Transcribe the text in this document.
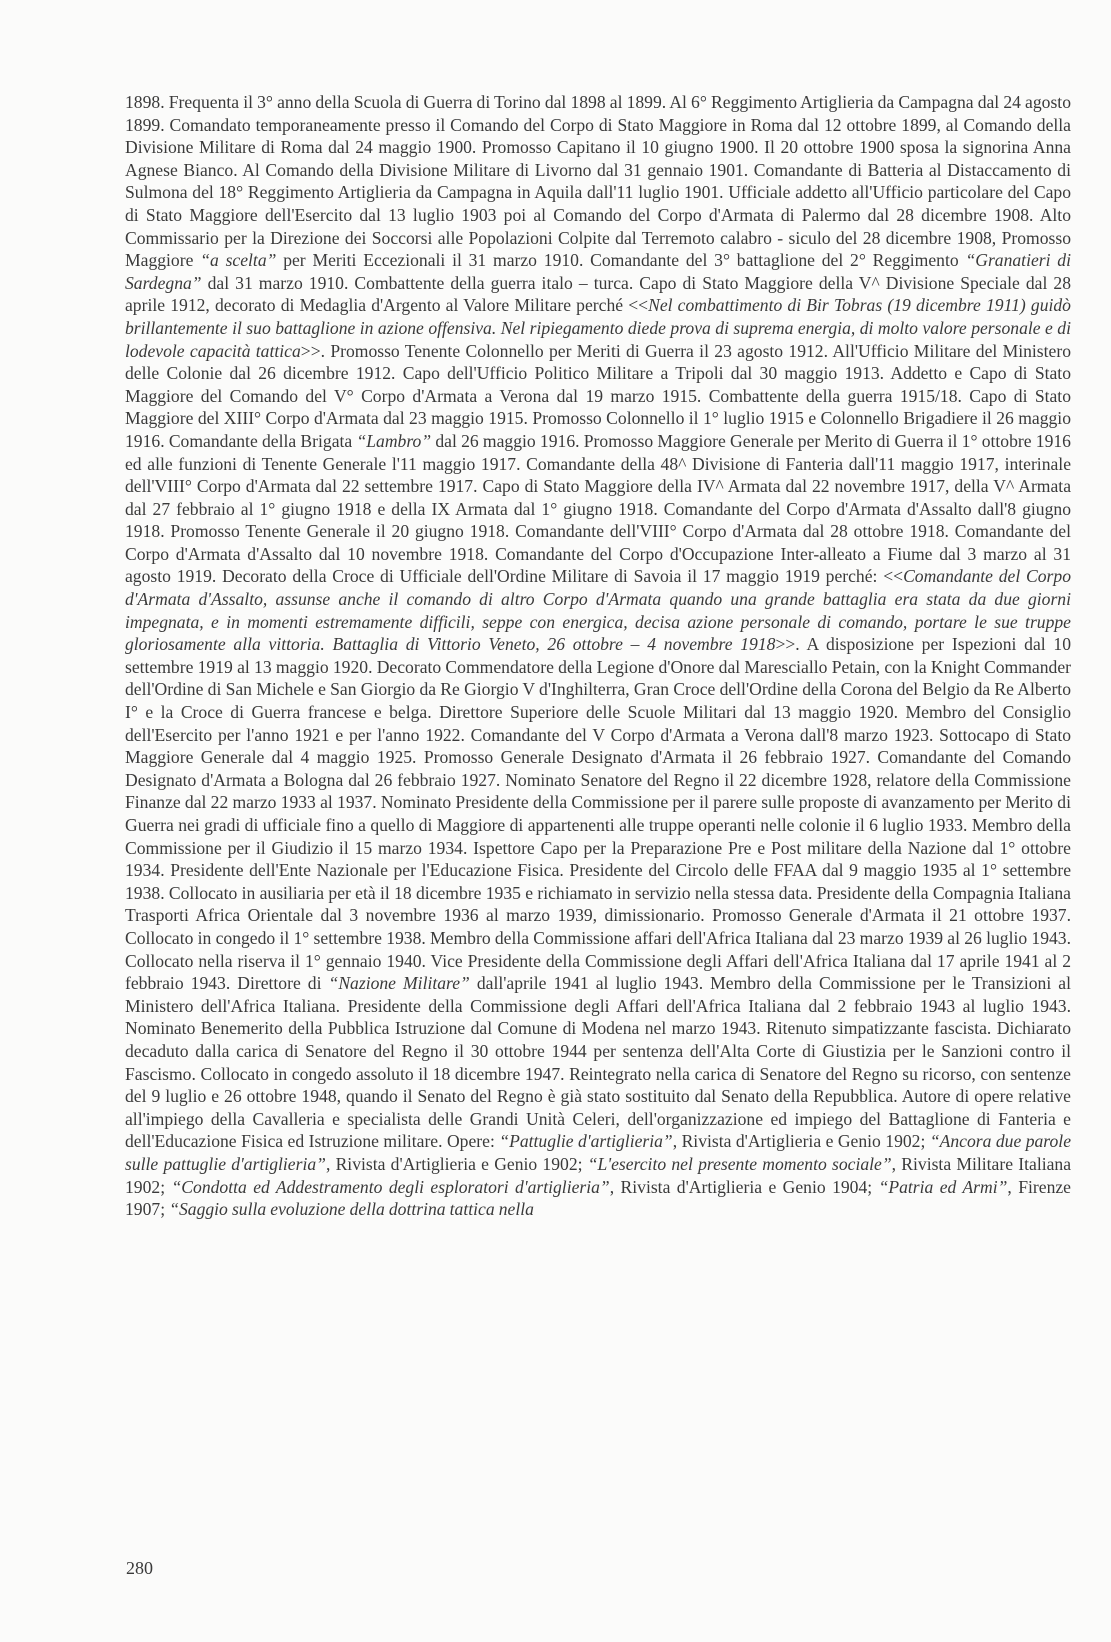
1898. Frequenta il 3° anno della Scuola di Guerra di Torino dal 1898 al 1899. Al 6° Reggimento Artiglieria da Campagna dal 24 agosto 1899. Comandato temporaneamente presso il Comando del Corpo di Stato Maggiore in Roma dal 12 ottobre 1899, al Comando della Divisione Militare di Roma dal 24 maggio 1900. Promosso Capitano il 10 giugno 1900. Il 20 ottobre 1900 sposa la signorina Anna Agnese Bianco. Al Comando della Divisione Militare di Livorno dal 31 gennaio 1901. Comandante di Batteria al Distaccamento di Sulmona del 18° Reggimento Artiglieria da Campagna in Aquila dall'11 luglio 1901. Ufficiale addetto all'Ufficio particolare del Capo di Stato Maggiore dell'Esercito dal 13 luglio 1903 poi al Comando del Corpo d'Armata di Palermo dal 28 dicembre 1908. Alto Commissario per la Direzione dei Soccorsi alle Popolazioni Colpite dal Terremoto calabro - siculo del 28 dicembre 1908, Promosso Maggiore “a scelta” per Meriti Eccezionali il 31 marzo 1910. Comandante del 3° battaglione del 2° Reggimento “Granatieri di Sardegna” dal 31 marzo 1910. Combattente della guerra italo – turca. Capo di Stato Maggiore della V^ Divisione Speciale dal 28 aprile 1912, decorato di Medaglia d'Argento al Valore Militare perché <<Nel combattimento di Bir Tobras (19 dicembre 1911) guidò brillantemente il suo battaglione in azione offensiva. Nel ripiegamento diede prova di suprema energia, di molto valore personale e di lodevole capacità tattica>>. Promosso Tenente Colonnello per Meriti di Guerra il 23 agosto 1912. All'Ufficio Militare del Ministero delle Colonie dal 26 dicembre 1912. Capo dell'Ufficio Politico Militare a Tripoli dal 30 maggio 1913. Addetto e Capo di Stato Maggiore del Comando del V° Corpo d'Armata a Verona dal 19 marzo 1915. Combattente della guerra 1915/18. Capo di Stato Maggiore del XIII° Corpo d'Armata dal 23 maggio 1915. Promosso Colonnello il 1° luglio 1915 e Colonnello Brigadiere il 26 maggio 1916. Comandante della Brigata “Lambro” dal 26 maggio 1916. Promosso Maggiore Generale per Merito di Guerra il 1° ottobre 1916 ed alle funzioni di Tenente Generale l'11 maggio 1917. Comandante della 48^ Divisione di Fanteria dall'11 maggio 1917, interinale dell'VIII° Corpo d'Armata dal 22 settembre 1917. Capo di Stato Maggiore della IV^ Armata dal 22 novembre 1917, della V^ Armata dal 27 febbraio al 1° giugno 1918 e della IX Armata dal 1° giugno 1918. Comandante del Corpo d'Armata d'Assalto dall'8 giugno 1918. Promosso Tenente Generale il 20 giugno 1918. Comandante dell'VIII° Corpo d'Armata dal 28 ottobre 1918. Comandante del Corpo d'Armata d'Assalto dal 10 novembre 1918. Comandante del Corpo d'Occupazione Inter-alleato a Fiume dal 3 marzo al 31 agosto 1919. Decorato della Croce di Ufficiale dell'Ordine Militare di Savoia il 17 maggio 1919 perché: <<Comandante del Corpo d'Armata d'Assalto, assunse anche il comando di altro Corpo d'Armata quando una grande battaglia era stata da due giorni impegnata, e in momenti estremamente difficili, seppe con energica, decisa azione personale di comando, portare le sue truppe gloriosamente alla vittoria. Battaglia di Vittorio Veneto, 26 ottobre – 4 novembre 1918>>. A disposizione per Ispezioni dal 10 settembre 1919 al 13 maggio 1920. Decorato Commendatore della Legione d'Onore dal Maresciallo Petain, con la Knight Commander dell'Ordine di San Michele e San Giorgio da Re Giorgio V d'Inghilterra, Gran Croce dell'Ordine della Corona del Belgio da Re Alberto I° e la Croce di Guerra francese e belga. Direttore Superiore delle Scuole Militari dal 13 maggio 1920. Membro del Consiglio dell'Esercito per l'anno 1921 e per l'anno 1922. Comandante del V Corpo d'Armata a Verona dall'8 marzo 1923. Sottocapo di Stato Maggiore Generale dal 4 maggio 1925. Promosso Generale Designato d'Armata il 26 febbraio 1927. Comandante del Comando Designato d'Armata a Bologna dal 26 febbraio 1927. Nominato Senatore del Regno il 22 dicembre 1928, relatore della Commissione Finanze dal 22 marzo 1933 al 1937. Nominato Presidente della Commissione per il parere sulle proposte di avanzamento per Merito di Guerra nei gradi di ufficiale fino a quello di Maggiore di appartenenti alle truppe operanti nelle colonie il 6 luglio 1933. Membro della Commissione per il Giudizio il 15 marzo 1934. Ispettore Capo per la Preparazione Pre e Post militare della Nazione dal 1° ottobre 1934. Presidente dell'Ente Nazionale per l'Educazione Fisica. Presidente del Circolo delle FFAA dal 9 maggio 1935 al 1° settembre 1938. Collocato in ausiliaria per età il 18 dicembre 1935 e richiamato in servizio nella stessa data. Presidente della Compagnia Italiana Trasporti Africa Orientale dal 3 novembre 1936 al marzo 1939, dimissionario. Promosso Generale d'Armata il 21 ottobre 1937. Collocato in congedo il 1° settembre 1938. Membro della Commissione affari dell'Africa Italiana dal 23 marzo 1939 al 26 luglio 1943. Collocato nella riserva il 1° gennaio 1940. Vice Presidente della Commissione degli Affari dell'Africa Italiana dal 17 aprile 1941 al 2 febbraio 1943. Direttore di “Nazione Militare” dall'aprile 1941 al luglio 1943. Membro della Commissione per le Transizioni al Ministero dell'Africa Italiana. Presidente della Commissione degli Affari dell'Africa Italiana dal 2 febbraio 1943 al luglio 1943. Nominato Benemerito della Pubblica Istruzione dal Comune di Modena nel marzo 1943. Ritenuto simpatizzante fascista. Dichiarato decaduto dalla carica di Senatore del Regno il 30 ottobre 1944 per sentenza dell'Alta Corte di Giustizia per le Sanzioni contro il Fascismo. Collocato in congedo assoluto il 18 dicembre 1947. Reintegrato nella carica di Senatore del Regno su ricorso, con sentenze del 9 luglio e 26 ottobre 1948, quando il Senato del Regno è già stato sostituito dal Senato della Repubblica. Autore di opere relative all'impiego della Cavalleria e specialista delle Grandi Unità Celeri, dell'organizzazione ed impiego del Battaglione di Fanteria e dell'Educazione Fisica ed Istruzione militare. Opere: “Pattuglie d'artiglieria”, Rivista d'Artiglieria e Genio 1902; “Ancora due parole sulle pattuglie d'artiglieria”, Rivista d'Artiglieria e Genio 1902; “L'esercito nel presente momento sociale”, Rivista Militare Italiana 1902; “Condotta ed Addestramento degli esploratori d'artiglieria”, Rivista d'Artiglieria e Genio 1904; “Patria ed Armi”, Firenze 1907; “Saggio sulla evoluzione della dottrina tattica nella

280
